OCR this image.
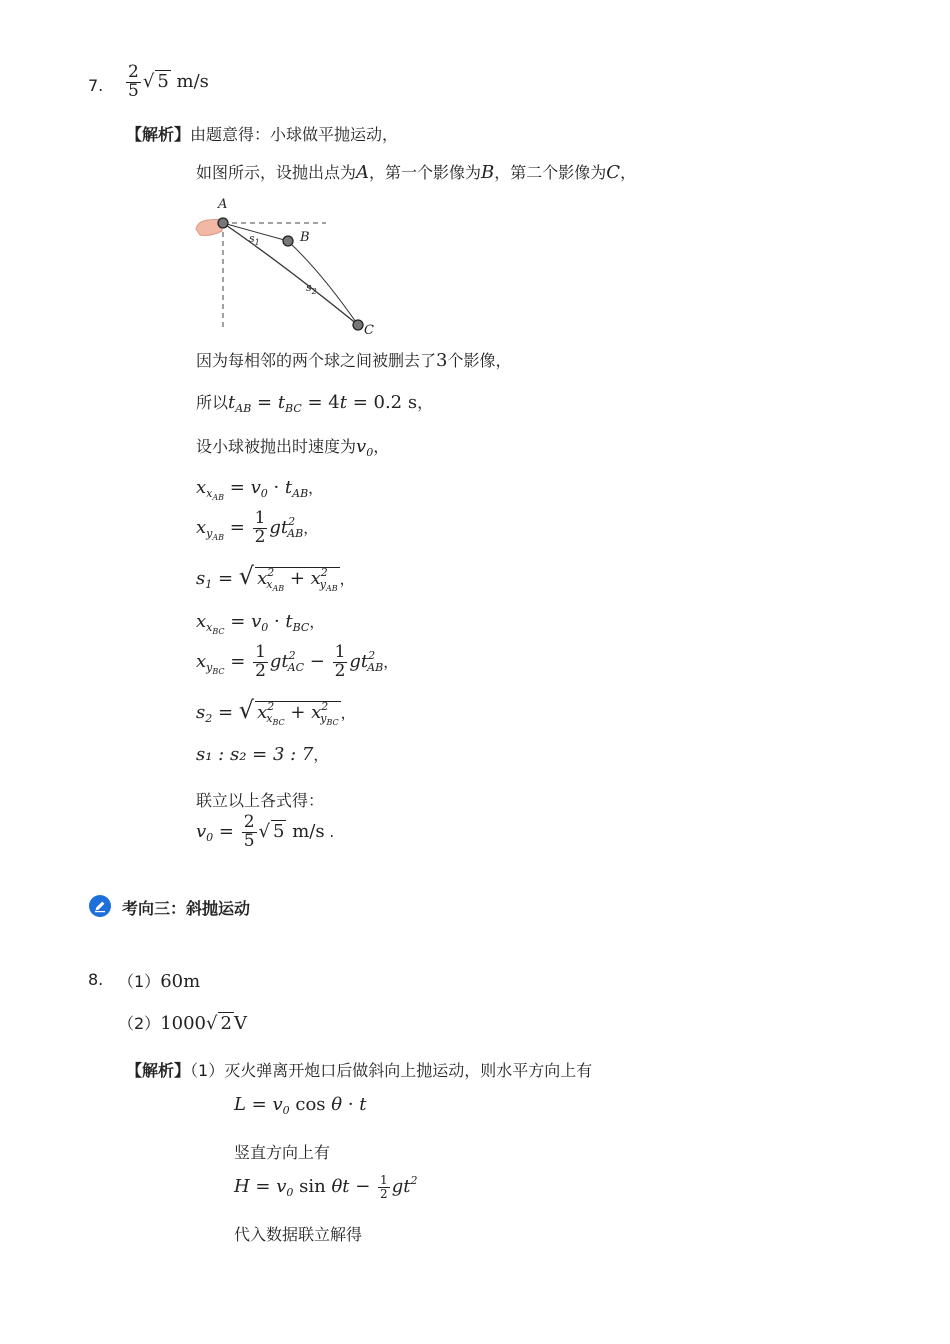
7. $\frac{2}{5}$ √ 5 m/s
【解析】由题意得：小球做平抛运动，
如图所示，设抛出点为A，第一个影像为B，第二个影像为C，
A
B
C
$s_1$
$s_2$
因为每相邻的两个球之间被删去了3个影像，
所以$t_{AB} = t_{BC} = 4t = 0.2$ s，
设小球被抛出时速度为$v_0$，
$x_{x_{AB}} = v_0 \cdot t_{AB}$，
$x_{y_{AB}} = \frac{1}{2} gt^2_{AB}$，
$s_1$ = √ $x^2_{x_{AB}} + x^2_{y_{AB}}$，
$x_{x_{BC}} = v_0 \cdot t_{BC}$，
$x_{y_{BC}} = \frac{1}{2} gt^2_{AC} - \frac{1}{2} gt^2_{AB}$，
$s_2$ = √ $x^2_{x_{BC}} + x^2_{y_{BC}}$，
s₁ : s₂ = 3 : 7，
联立以上各式得：
$v_0 = \frac{2}{5}$ √ 5 m/s .
考向三：斜抛运动
8. （1）60m
（2）1000√ 2 V
【解析】（1）灭火弹离开炮口后做斜向上抛运动，则水平方向上有
$L = v_0$ cos θ · t
竖直方向上有
$H = v_0$ $\sin \theta t - \frac{1}{2} gt^2$
代入数据联立解得
